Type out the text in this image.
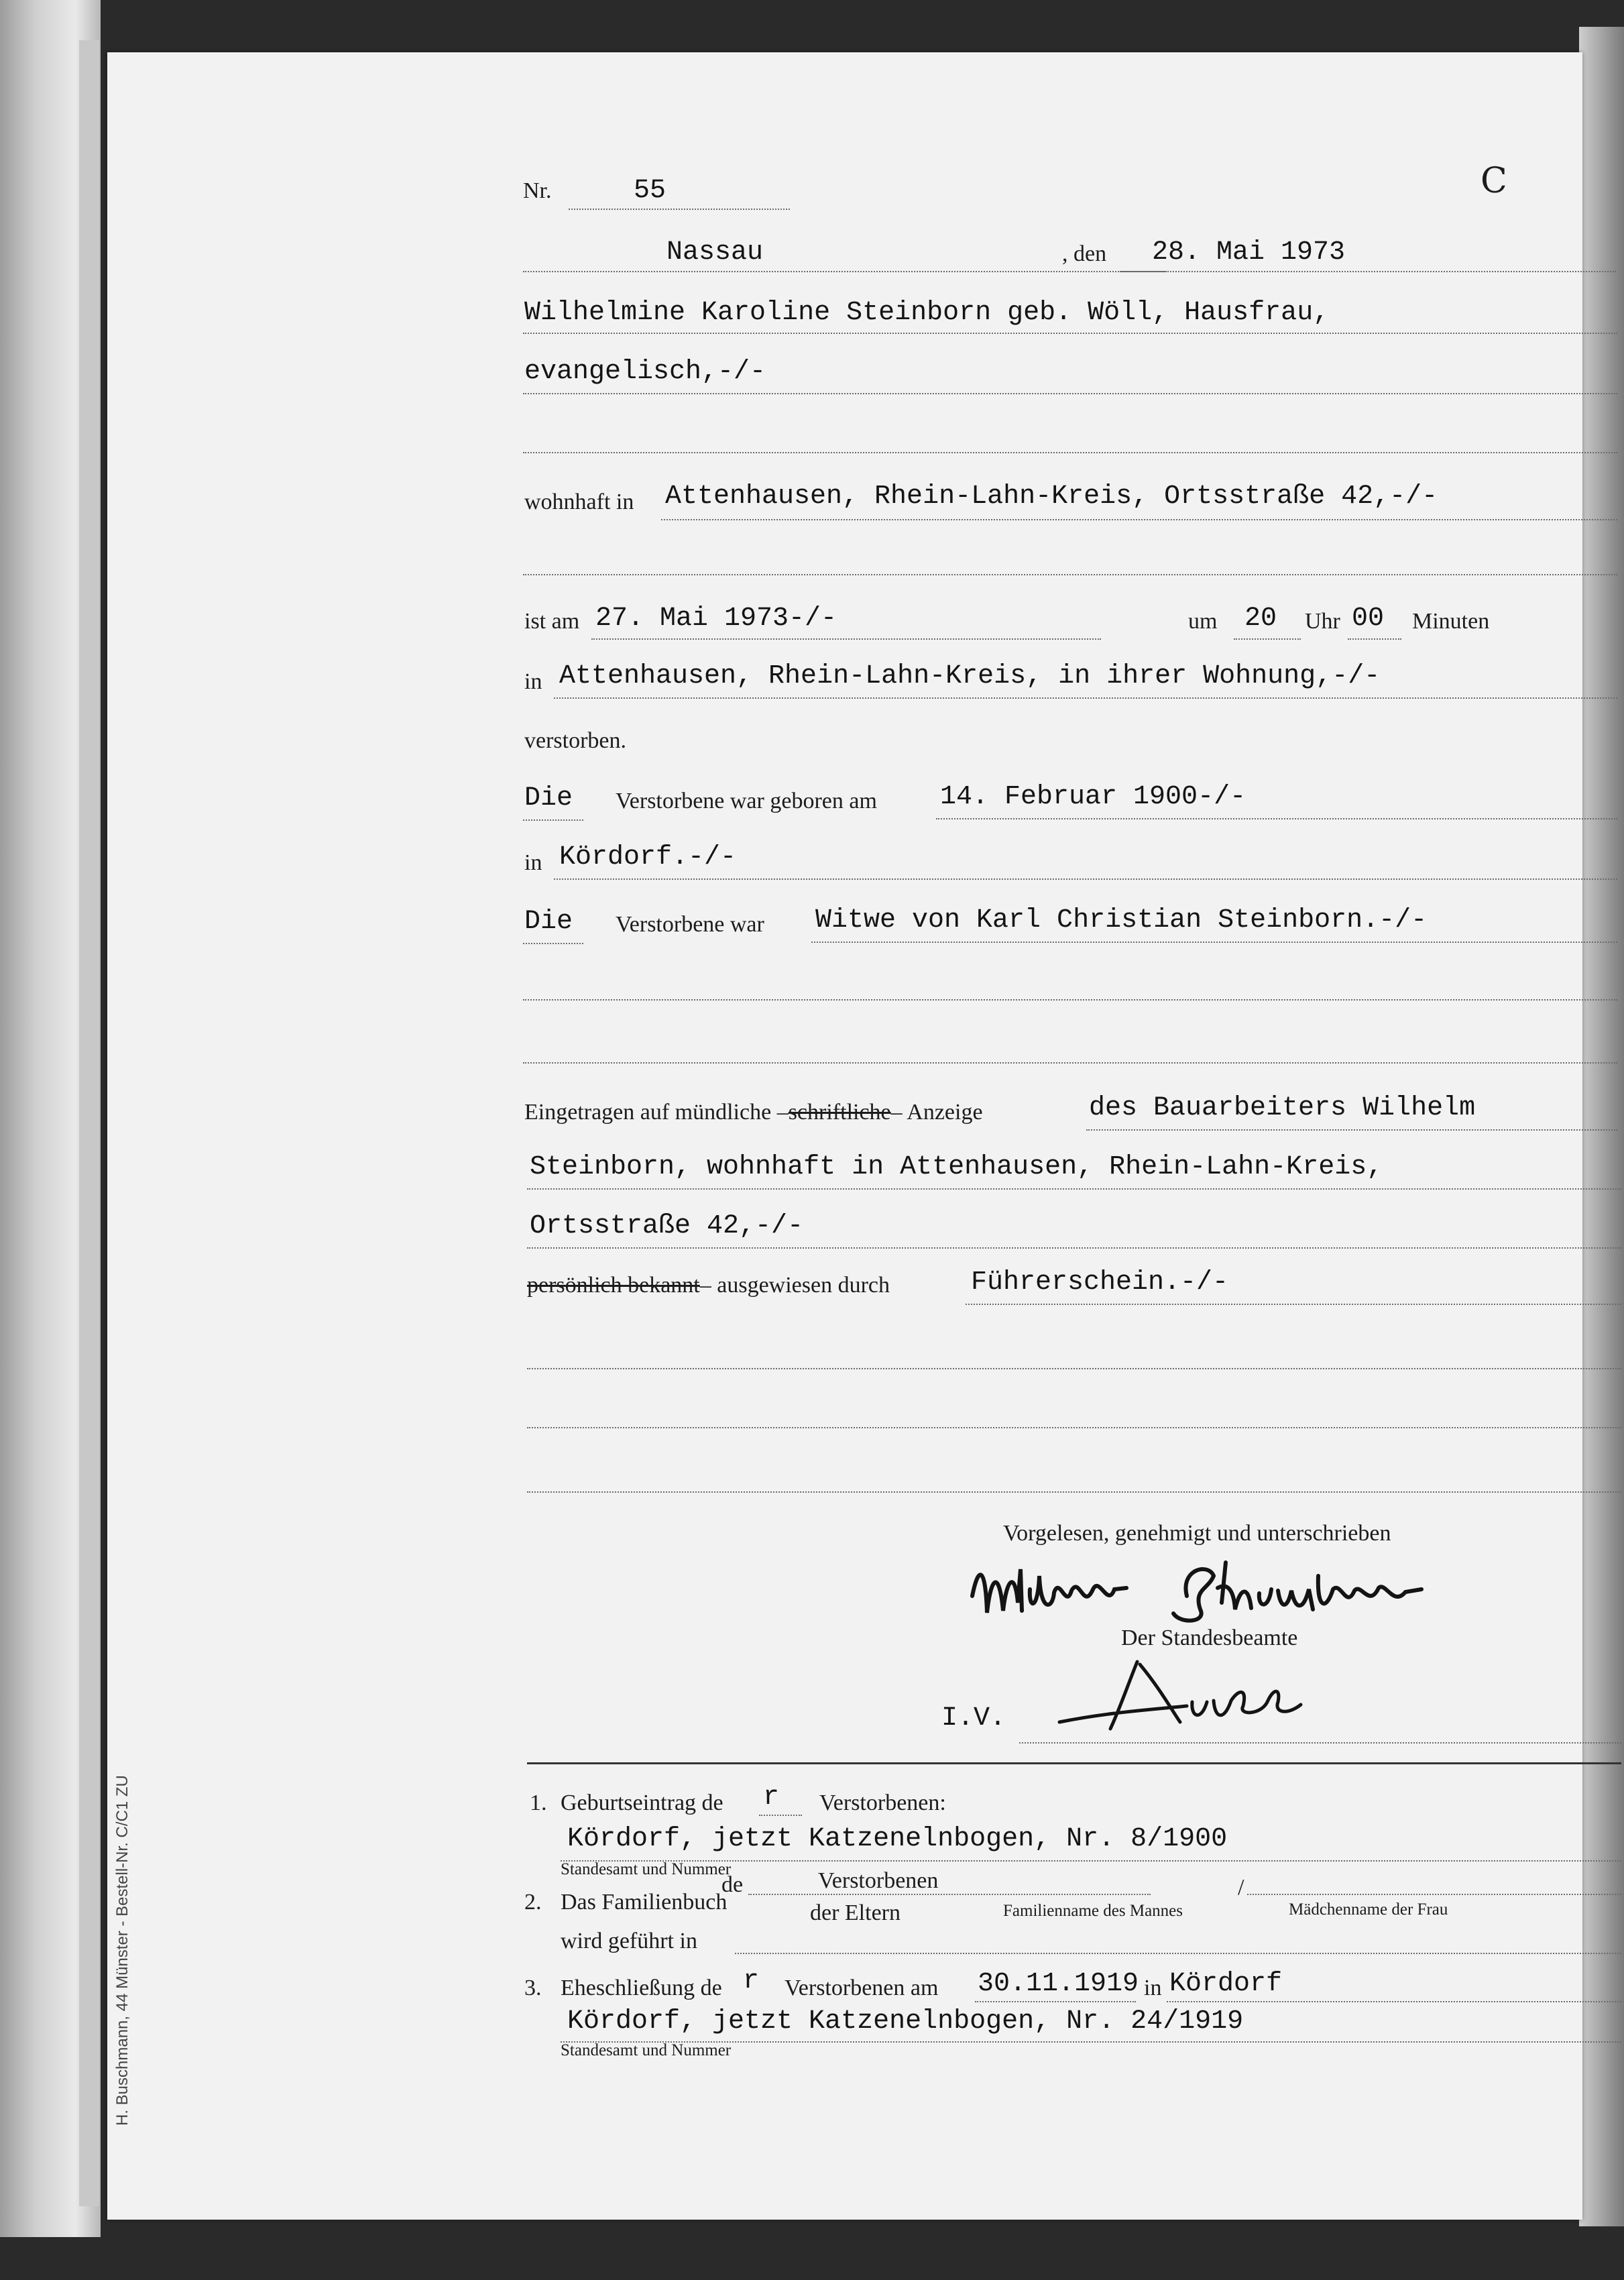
Nr.	55	C
Nassau	, den 28. Mai 1973
Wilhelmine Karoline Steinborn geb. Wöll, Hausfrau,
evangelisch,-/-
wohnhaft in Attenhausen, Rhein-Lahn-Kreis, Ortsstraße 42,-/-
ist am 27. Mai 1973-/-	um 20 Uhr 00 Minuten
in Attenhausen, Rhein-Lahn-Kreis, in ihrer Wohnung,-/-
verstorben.
Die Verstorbene war geboren am 14. Februar 1900-/-
in Kördorf.-/-
Die Verstorbene war Witwe von Karl Christian Steinborn.-/-
Eingetragen auf mündliche –schriftliche– Anzeige	des Bauarbeiters Wilhelm
Steinborn, wohnhaft in Attenhausen, Rhein-Lahn-Kreis,
Ortsstraße 42,-/-
persönlich bekannt– ausgewiesen durch	Führerschein.-/-
Vorgelesen, genehmigt und unterschrieben
Der Standesbeamte
I.V.
1. Geburtseintrag de r Verstorbenen:
Kördorf, jetzt Katzenelnbogen, Nr. 8/1900
Standesamt und Nummer
2. Das Familienbuch
de	Verstorbenen
der Eltern	Familienname des Mannes
/
Mädchenname der Frau
wird geführt in
3. Eheschließung de r Verstorbenen am 30.11.1919 in Kördorf
Kördorf, jetzt Katzenelnbogen, Nr. 24/1919
Standesamt und Nummer
H. Buschmann, 44 Münster - Bestell-Nr. C/C1 ZU
